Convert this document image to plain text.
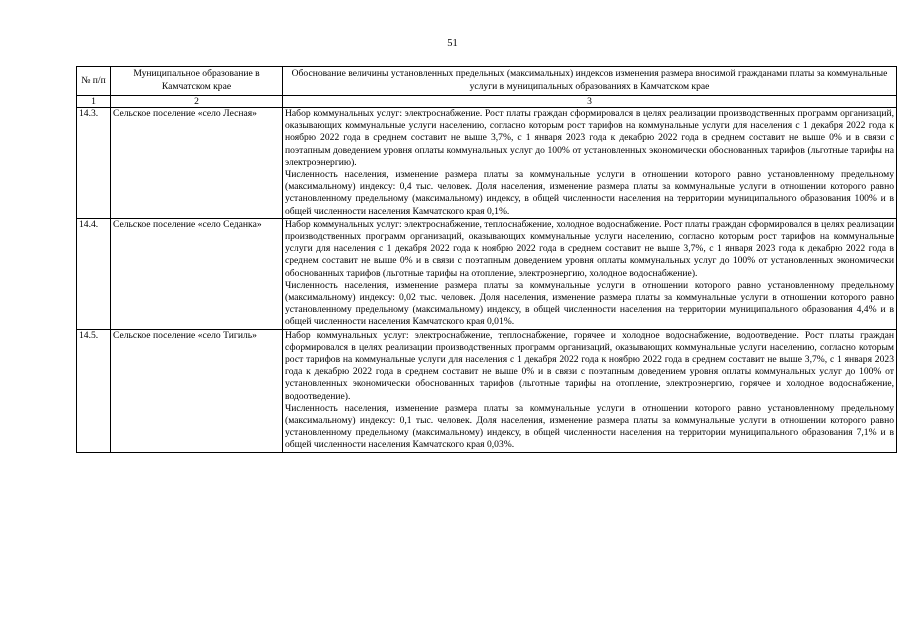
51
№ п/п	Муниципальное образование в Камчатском крае	Обоснование величины установленных предельных (максимальных) индексов изменения размера вносимой гражданами платы за коммунальные услуги в муниципальных образованиях в Камчатском крае
1	2	3
14.3.	Сельское поселение «село Лесная»	Набор коммунальных услуг: электроснабжение. Рост платы граждан сформировался в целях реализации производственных программ организаций, оказывающих коммунальные услуги населению, согласно которым рост тарифов на коммунальные услуги для населения с 1 декабря 2022 года к ноябрю 2022 года в среднем составит не выше 3,7%, с 1 января 2023 года к декабрю 2022 года в среднем составит не выше 0% и в связи с поэтапным доведением уровня оплаты коммунальных услуг до 100% от установленных экономически обоснованных тарифов (льготные тарифы на электроэнергию).

Численность населения, изменение размера платы за коммунальные услуги в отношении которого равно установленному предельному (максимальному) индексу: 0,4 тыс. человек. Доля населения, изменение размера платы за коммунальные услуги в отношении которого равно установленному предельному (максимальному) индексу, в общей численности населения на территории муниципального образования 100% и в общей численности населения Камчатского края 0,1%.

14.4.	Сельское поселение «село Седанка»	Набор коммунальных услуг: электроснабжение, теплоснабжение, холодное водоснабжение. Рост платы граждан сформировался в целях реализации производственных программ организаций, оказывающих коммунальные услуги населению, согласно которым рост тарифов на коммунальные услуги для населения с 1 декабря 2022 года к ноябрю 2022 года в среднем составит не выше 3,7%, с 1 января 2023 года к декабрю 2022 года в среднем составит не выше 0% и в связи с поэтапным доведением уровня оплаты коммунальных услуг до 100% от установленных экономически обоснованных тарифов (льготные тарифы на отопление, электроэнергию, холодное водоснабжение).

Численность населения, изменение размера платы за коммунальные услуги в отношении которого равно установленному предельному (максимальному) индексу: 0,02 тыс. человек. Доля населения, изменение размера платы за коммунальные услуги в отношении которого равно установленному предельному (максимальному) индексу, в общей численности населения на территории муниципального образования 4,4% и в общей численности населения Камчатского края 0,01%.

14.5.	Сельское поселение «село Тигиль»	Набор коммунальных услуг: электроснабжение, теплоснабжение, горячее и холодное водоснабжение, водоотведение. Рост платы граждан сформировался в целях реализации производственных программ организаций, оказывающих коммунальные услуги населению, согласно которым рост тарифов на коммунальные услуги для населения с 1 декабря 2022 года к ноябрю 2022 года в среднем составит не выше 3,7%, с 1 января 2023 года к декабрю 2022 года в среднем составит не выше 0% и в связи с поэтапным доведением уровня оплаты коммунальных услуг до 100% от установленных экономически обоснованных тарифов (льготные тарифы на отопление, электроэнергию, горячее и холодное водоснабжение, водоотведение).

Численность населения, изменение размера платы за коммунальные услуги в отношении которого равно установленному предельному (максимальному) индексу: 0,1 тыс. человек. Доля населения, изменение размера платы за коммунальные услуги в отношении которого равно установленному предельному (максимальному) индексу, в общей численности населения на территории муниципального образования 7,1% и в общей численности населения Камчатского края 0,03%.
